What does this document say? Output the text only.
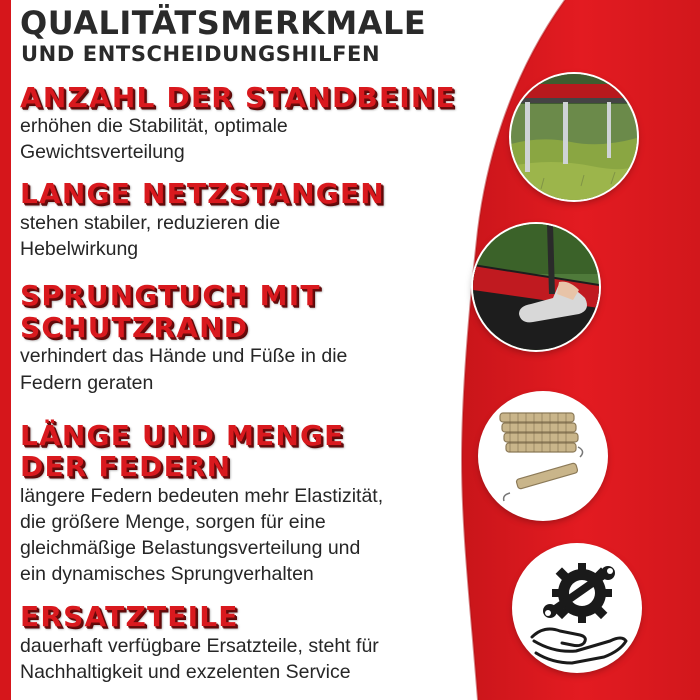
QUALITÄTSMERKMALE
UND ENTSCHEIDUNGSHILFEN
ANZAHL DER STANDBEINE

erhöhen die Stabilität, optimale

Gewichtsverteilung

LANGE NETZSTANGEN

stehen stabiler, reduzieren die

Hebelwirkung

SPRUNGTUCH MIT
SCHUTZRAND

verhindert das Hände und Füße in die

Federn geraten

LÄNGE UND MENGE
DER FEDERN

längere Federn bedeuten mehr Elastizität,

die größere Menge, sorgen für eine

gleichmäßige Belastungsverteilung und

ein dynamisches Sprungverhalten

ERSATZTEILE

dauerhaft verfügbare Ersatzteile, steht für

Nachhaltigkeit und exzelenten Service
